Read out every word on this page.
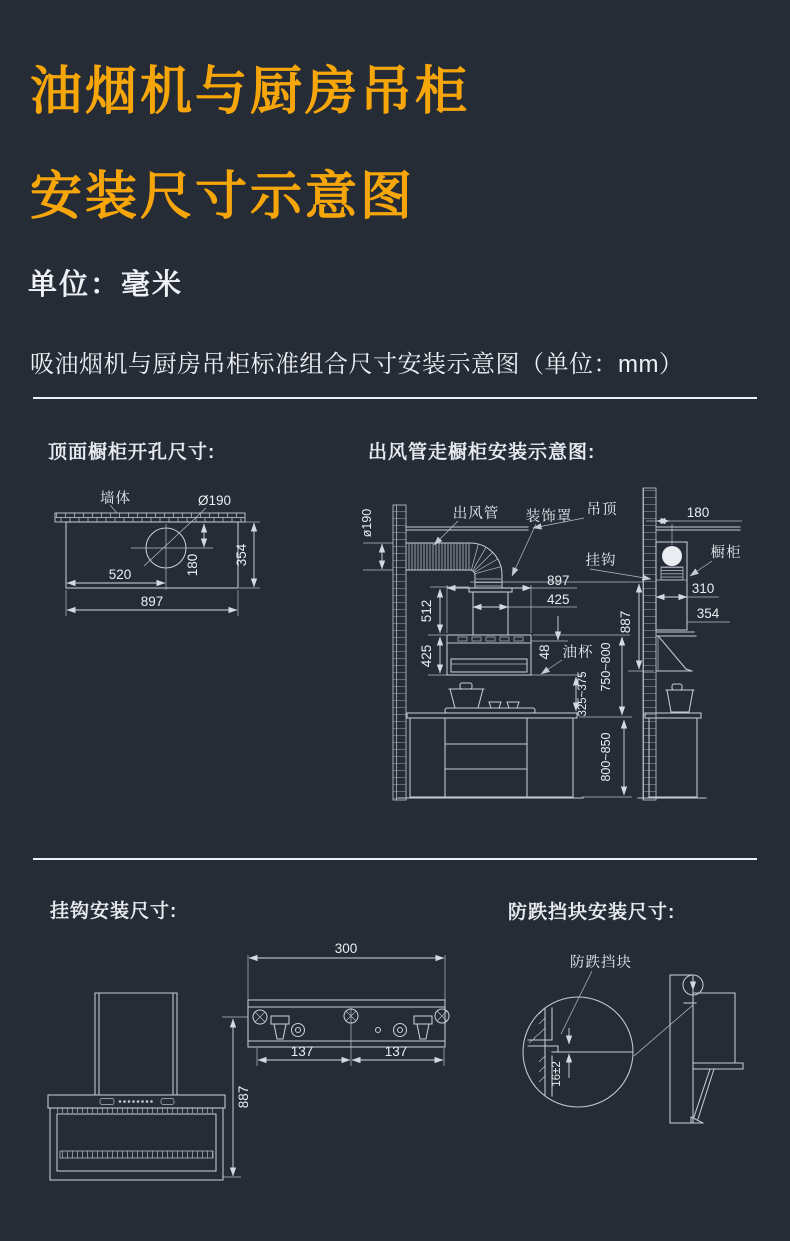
油烟机与厨房吊柜
安装尺寸示意图
单位：毫米
吸油烟机与厨房吊柜标准组合尺寸安装示意图（单位：mm）
顶面橱柜开孔尺寸:	出风管走橱柜安装示意图:
挂钩安装尺寸:	防跌挡块安装尺寸:
墙体	Ø190
180	354
520
897
出风管 装饰罩 吊顶
挂钩	橱柜
油杯
ø190
897
425
512
425	48
325~375
750~800
800~850
887
180
310
354
300
137	137
887
防跌挡块
16±2
